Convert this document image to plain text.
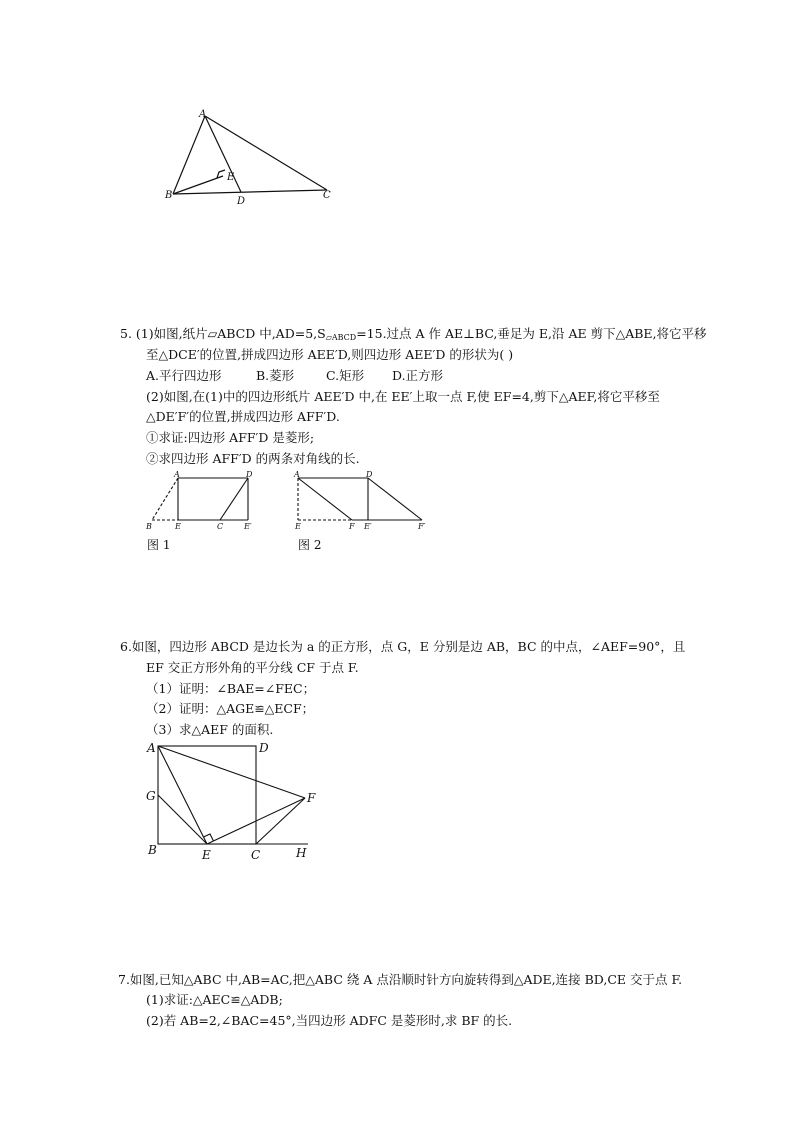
A
B	C
D
E
5. (1)如图,纸片▱ABCD 中$,AD=5,S_{▱ABCD}=15$.过点 A 作 AE⊥BC,垂足为 E,沿 AE 剪下△ABE,将它平移
至△DCE′的位置,拼成四边形 AEE′D,则四边形 AEE′D 的形状为( )
A.平行四边形	B.菱形	C.矩形 D.正方形
(2)如图,在(1)中的四边形纸片 AEE′D 中,在 EE′上取一点 F,使 EF=4,剪下△AEF,将它平移至
△DE′F′的位置,拼成四边形 AFF′D.
①求证:四边形 AFF′D 是菱形;
②求四边形 AFF′D 的两条对角线的长.
A	D
B	E	C	E′
图 1
A	D
E	F E′	F′
图 2
6.如图，四边形 ABCD 是边长为 a 的正方形，点 G，E 分别是边 AB，BC 的中点，∠AEF=90°，且
EF 交正方形外角的平分线 CF 于点 F.
（1）证明：∠BAE=∠FEC；
（2）证明：△AGE≌△ECF；
（3）求△AEF 的面积.
A	D
G	F
B	E	C	H
7.如图,已知△ABC 中,AB=AC,把△ABC 绕 A 点沿顺时针方向旋转得到△ADE,连接 BD,CE 交于点 F.
(1)求证:△AEC≌△ADB;
(2)若 AB=2,∠BAC=45°,当四边形 ADFC 是菱形时,求 BF 的长.
